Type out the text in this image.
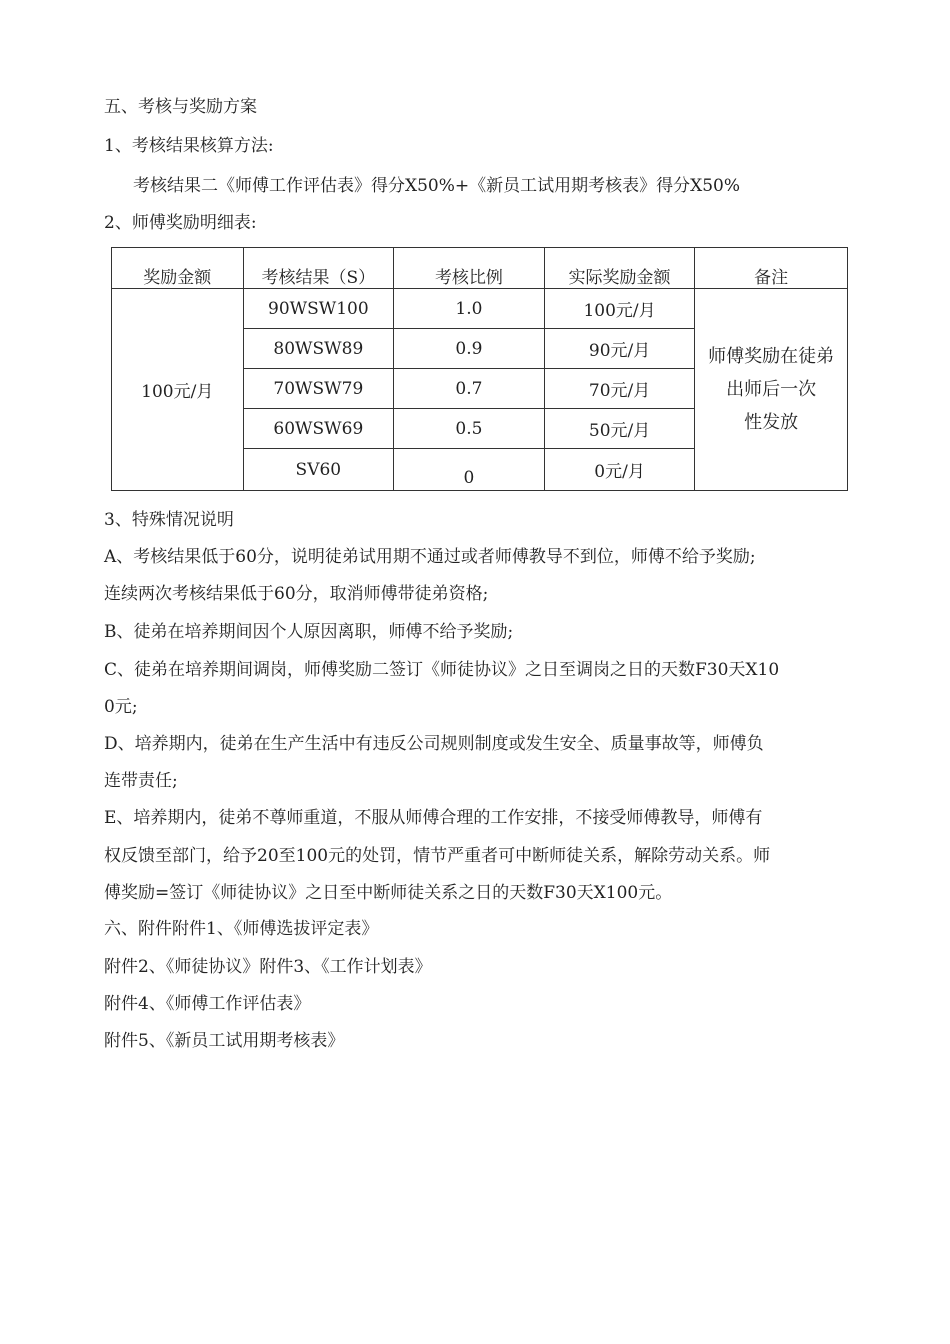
五、考核与奖励方案
1、考核结果核算方法:
考核结果二《师傅工作评估表》得分X50%+《新员工试用期考核表》得分X50%
2、师傅奖励明细表:
奖励金额	考核结果（S）	考核比例	实际奖励金额	备注
100元/月	90WSW100	1.0	100元/月	师傅奖励在徒弟
出师后一次
性发放

	80WSW89	0.9	90元/月	
	70WSW79	0.7	70元/月	
	60WSW69	0.5	50元/月	
	SV60	0	0元/月	
3、特殊情况说明
A、考核结果低于60分，说明徒弟试用期不通过或者师傅教导不到位，师傅不给予奖励;
连续两次考核结果低于60分，取消师傅带徒弟资格;
B、徒弟在培养期间因个人原因离职，师傅不给予奖励;
C、徒弟在培养期间调岗，师傅奖励二签订《师徒协议》之日至调岗之日的天数F30天X10
0元;
D、培养期内，徒弟在生产生活中有违反公司规则制度或发生安全、质量事故等，师傅负
连带责任;
E、培养期内，徒弟不尊师重道，不服从师傅合理的工作安排，不接受师傅教导，师傅有
权反馈至部门，给予20至100元的处罚，情节严重者可中断师徒关系，解除劳动关系。师
傅奖励=签订《师徒协议》之日至中断师徒关系之日的天数F30天X100元。
六、附件附件1、《师傅选拔评定表》
附件2、《师徒协议》附件3、《工作计划表》
附件4、《师傅工作评估表》
附件5、《新员工试用期考核表》
